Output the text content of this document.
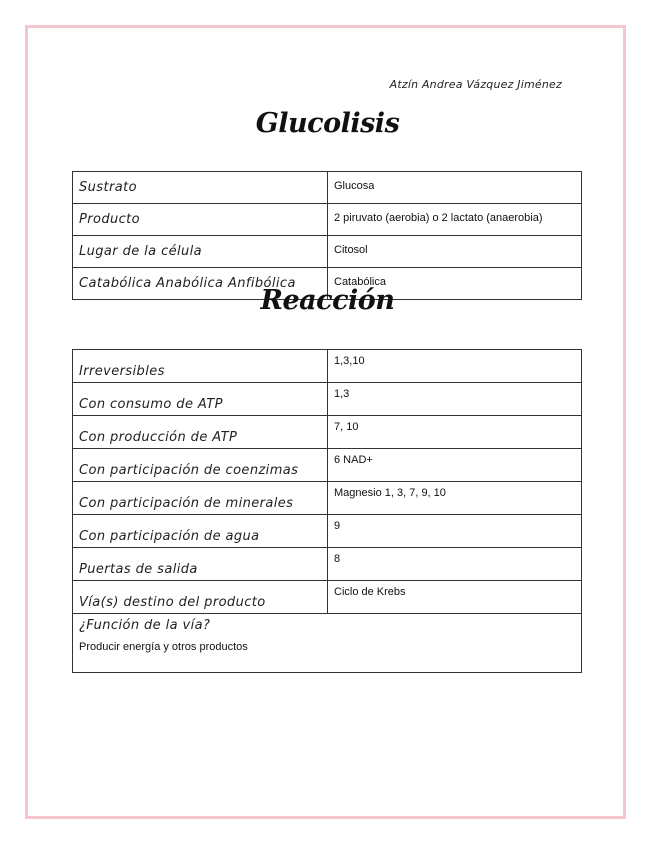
Atzín Andrea Vázquez Jiménez
Glucolisis
Sustrato	Glucosa
Producto	2 piruvato (aerobia) o 2 lactato (anaerobia)
Lugar de la célula	Citosol
Catabólica Anabólica Anfibólica	Catabólica
Reacción
Irreversibles	1,3,10
Con consumo de ATP	1,3
Con producción de ATP	7, 10
Con participación de coenzimas	6 NAD+
Con participación de minerales	Magnesio 1, 3, 7, 9, 10
Con participación de agua	9
Puertas de salida	8
Vía(s) destino del producto	Ciclo de Krebs

¿Función de la vía?
Producir energía y otros productos	
